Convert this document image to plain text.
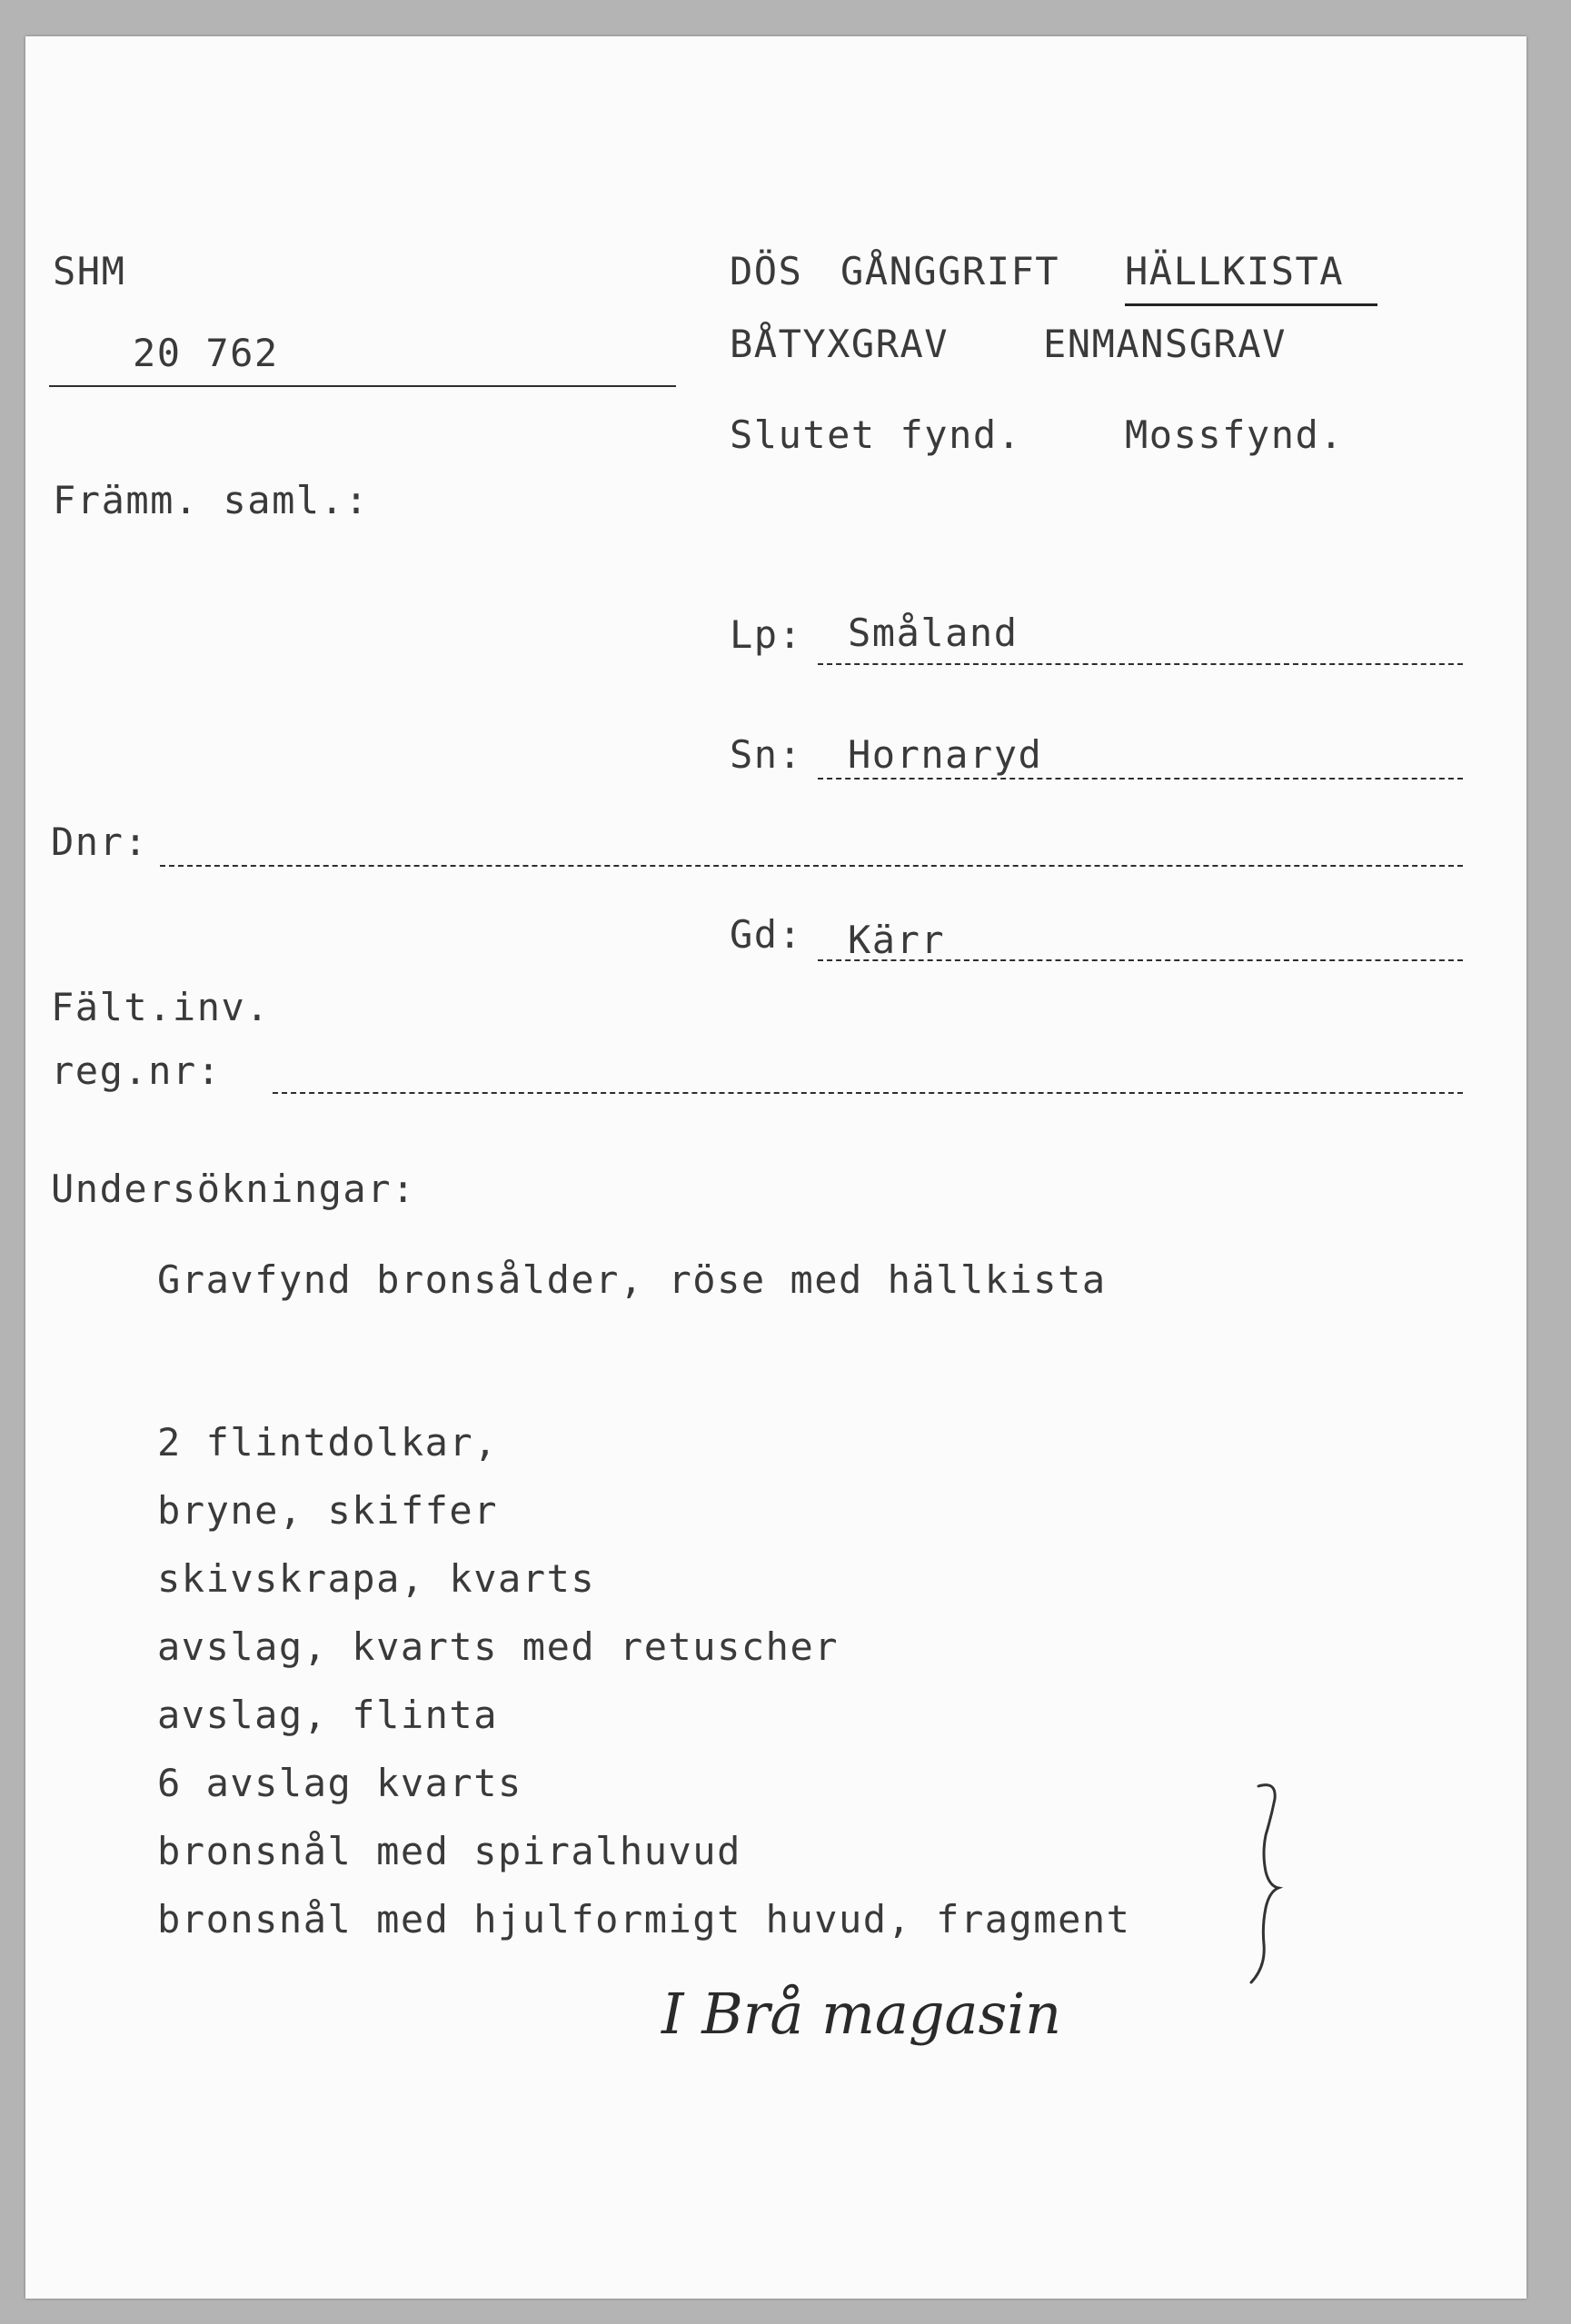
SHM
20 762
Främm. saml.:
DÖS GÅNGGRIFT HÄLLKISTA
BÅTYXGRAV ENMANSGRAV
Slutet fynd.	Mossfynd.
Lp: Småland
Sn: Hornaryd
Dnr:
Gd: Kärr
Fält.inv.
reg.nr:
Undersökningar:
Gravfynd bronsålder, röse med hällkista
2 flintdolkar,
bryne, skiffer
skivskrapa, kvarts
avslag, kvarts med retuscher
avslag, flinta
6 avslag kvarts
bronsnål med spiralhuvud
bronsnål med hjulformigt huvud, fragment
I Brå magasin
